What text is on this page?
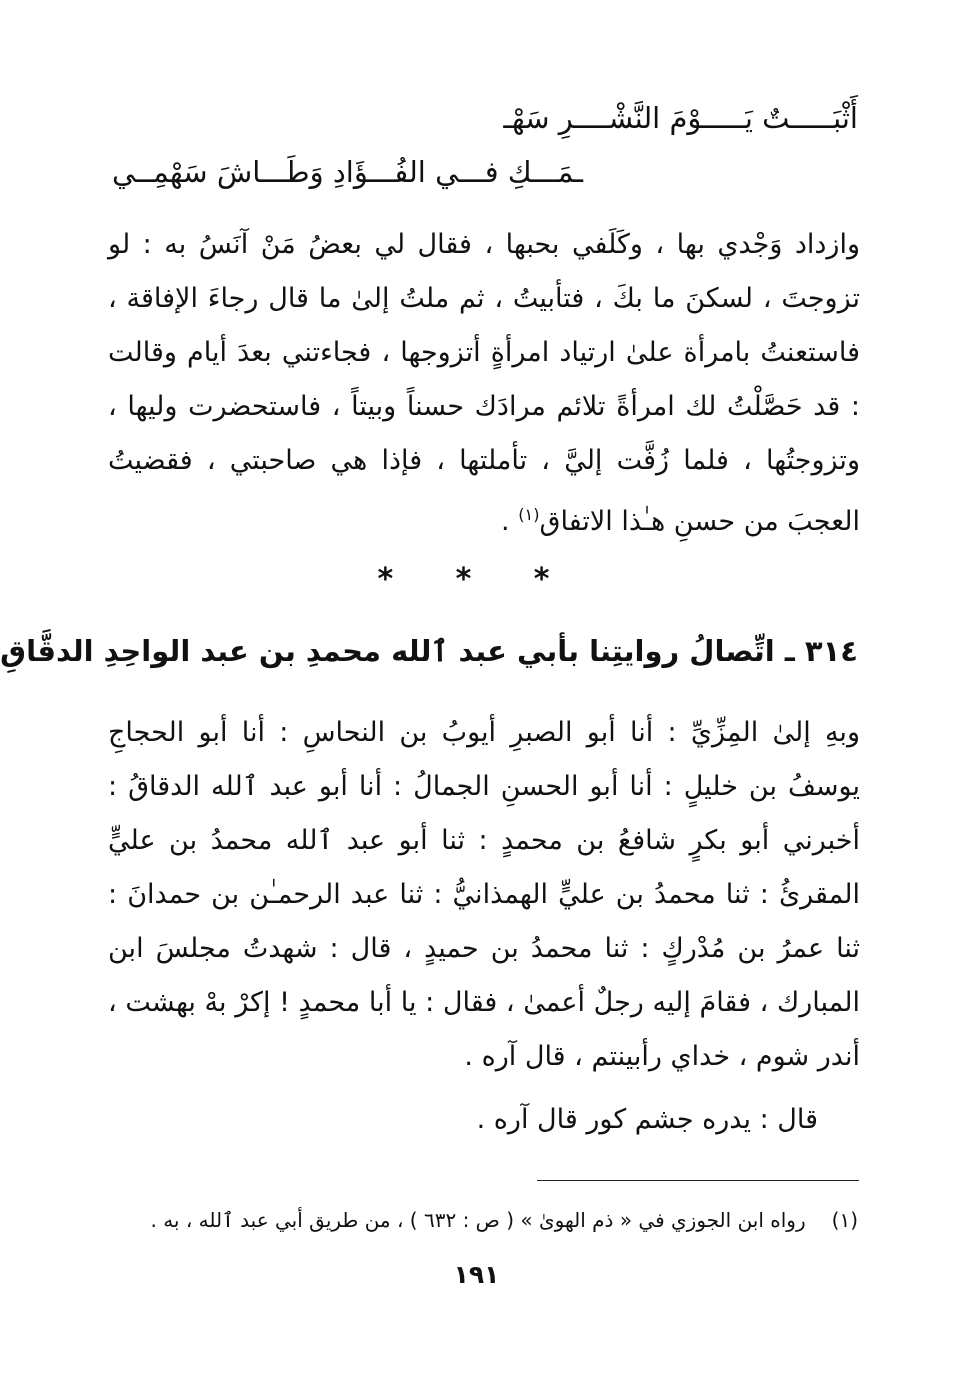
أَثْبَـــــتٌ يَـــــوْمَ النَّشْــــرِ سَهْـ
ـمَـــكِ فـــي الفُـــؤَادِ وَطَـــاشَ سَهْمِــي
وازداد وَجْدي بها ، وكَلَفي بحبها ، فقال لي بعضُ مَنْ آنَسُ به : لو تزوجتَ ، لسكنَ ما بكَ ، فتأبيتُ ، ثم ملتُ إلىٰ ما قال رجاءَ الإفاقة ، فاستعنتُ بامرأة علىٰ ارتياد امرأةٍ أتزوجها ، فجاءتني بعدَ أيام وقالت : قد حَصَّلْتُ لك امرأةً تلائم مرادَك حسناً وبيتاً ، فاستحضرت وليها ، وتزوجتُها ، فلما زُفَّت إليَّ ، تأملتها ، فإذا هي صاحبتي ، فقضيتُ العجبَ من حسنِ هـٰذا الاتفاق$^{(١)}$ .
* * *
٣١٤ ـ اتِّصالُ روايتِنا بأبي عبد ٱلله محمدِ بن عبد الواحِدِ الدقَّاقِ
وبهِ إلىٰ المِزِّيِّ : أنا أبو الصبرِ أيوبُ بن النحاسِ : أنا أبو الحجاجِ يوسفُ بن خليلٍ : أنا أبو الحسنِ الجمالُ : أنا أبو عبد ٱلله الدقاقُ : أخبرني أبو بكرٍ شافعُ بن محمدٍ : ثنا أبو عبد ٱلله محمدُ بن عليٍّ المقرئُ : ثنا محمدُ بن عليٍّ الهمذانيُّ : ثنا عبد الرحمـٰن بن حمدانَ : ثنا عمرُ بن مُدْركٍ : ثنا محمدُ بن حميدٍ ، قال : شهدتُ مجلسَ ابن المبارك ، فقامَ إليه رجلٌ أعمىٰ ، فقال : يا أبا محمدٍ ! إكرْ بهْ بهشت ، أندر شوم ، خداي رأبينتم ، قال آره .
قال : يدره جشم كور قال آره .
(١)رواه ابن الجوزي في « ذم الهوىٰ » ( ص : ٦٣٢ ) ، من طريق أبي عبد ٱلله ، به .
١٩١
